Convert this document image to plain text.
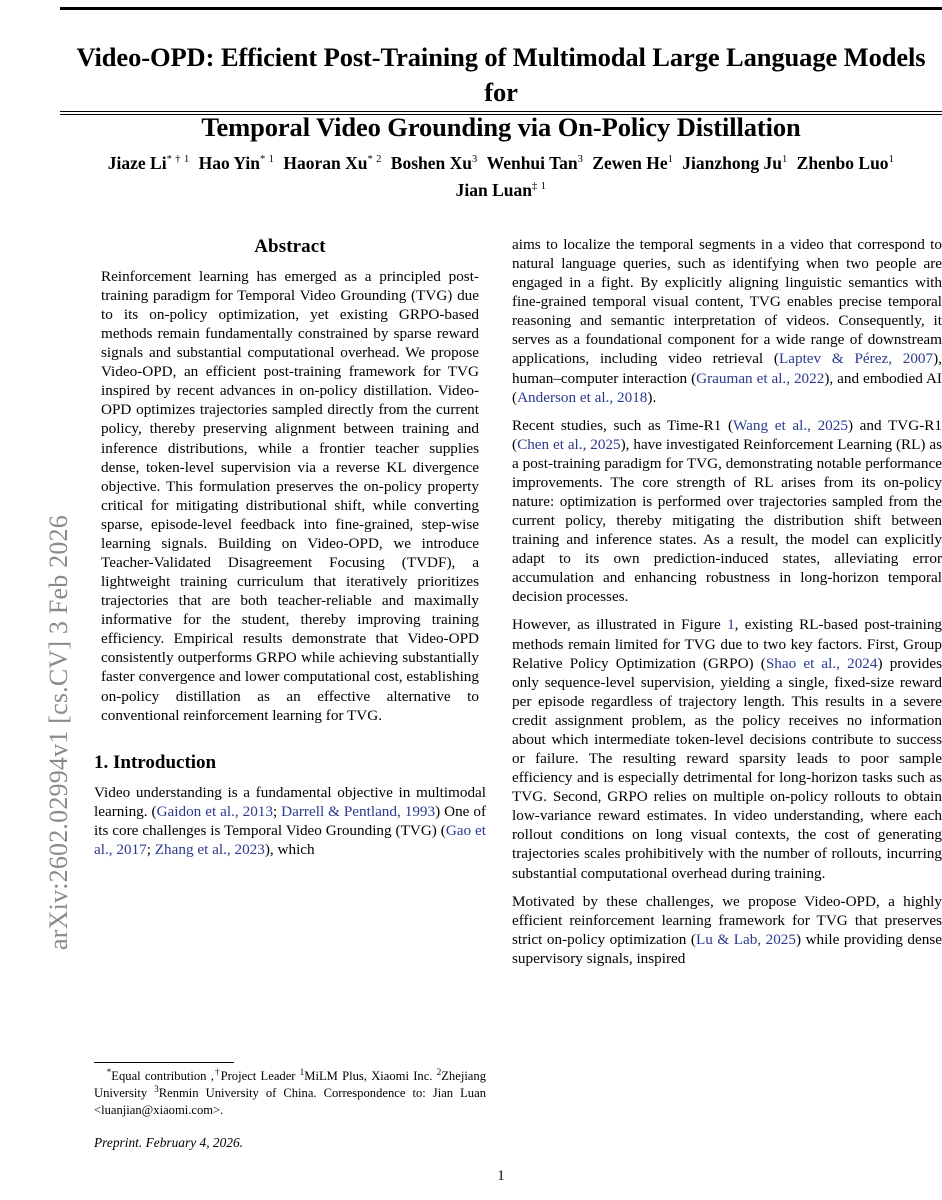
arXiv:2602.02994v1 [cs.CV] 3 Feb 2026
Video-OPD: Efficient Post-Training of Multimodal Large Language Models for
Temporal Video Grounding via On-Policy Distillation
Jiaze $Li^{* \dagger 1}$ Hao Yin$^{* 1}$ Haoran Xu$^{* 2}$ Boshen Xu$^3$ Wenhui Tan$^3$ Zewen He$^1$ Jianzhong Ju$^1$ Zhenbo Luo$^1$
Jian Luan$^{\ddagger 1}$
Abstract

Reinforcement learning has emerged as a principled post-training paradigm for Temporal Video Grounding (TVG) due to its on-policy optimization, yet existing GRPO-based methods remain fundamentally constrained by sparse reward signals and substantial computational overhead. We propose Video-OPD, an efficient post-training framework for TVG inspired by recent advances in on-policy distillation. Video-OPD optimizes trajectories sampled directly from the current policy, thereby preserving alignment between training and inference distributions, while a frontier teacher supplies dense, token-level supervision via a reverse KL divergence objective. This formulation preserves the on-policy property critical for mitigating distributional shift, while converting sparse, episode-level feedback into fine-grained, step-wise learning signals. Building on Video-OPD, we introduce Teacher-Validated Disagreement Focusing (TVDF), a lightweight training curriculum that iteratively prioritizes trajectories that are both teacher-reliable and maximally informative for the student, thereby improving training efficiency. Empirical results demonstrate that Video-OPD consistently outperforms GRPO while achieving substantially faster convergence and lower computational cost, establishing on-policy distillation as an effective alternative to conventional reinforcement learning for TVG.

1. Introduction

Video understanding is a fundamental objective in multimodal learning. (Gaidon et al., 2013; Darrell & Pentland, 1993) One of its core challenges is Temporal Video Grounding (TVG) (Gao et al., 2017; Zhang et al., 2023), which

aims to localize the temporal segments in a video that correspond to natural language queries, such as identifying when two people are engaged in a fight. By explicitly aligning linguistic semantics with fine-grained temporal visual content, TVG enables precise temporal reasoning and semantic interpretation of videos. Consequently, it serves as a foundational component for a wide range of downstream applications, including video retrieval (Laptev & Pérez, 2007), human–computer interaction (Grauman et al., 2022), and embodied AI (Anderson et al., 2018).

Recent studies, such as Time-R1 (Wang et al., 2025) and TVG-R1 (Chen et al., 2025), have investigated Reinforcement Learning (RL) as a post-training paradigm for TVG, demonstrating notable performance improvements. The core strength of RL arises from its on-policy nature: optimization is performed over trajectories sampled from the current policy, thereby mitigating the distribution shift between training and inference states. As a result, the model can explicitly adapt to its own prediction-induced states, alleviating error accumulation and enhancing robustness in long-horizon temporal decision processes.

However, as illustrated in Figure 1, existing RL-based post-training methods remain limited for TVG due to two key factors. First, Group Relative Policy Optimization (GRPO) (Shao et al., 2024) provides only sequence-level supervision, yielding a single, fixed-size reward per episode regardless of trajectory length. This results in a severe credit assignment problem, as the policy receives no information about which intermediate token-level decisions contribute to success or failure. The resulting reward sparsity leads to poor sample efficiency and is especially detrimental for long-horizon tasks such as TVG. Second, GRPO relies on multiple on-policy rollouts to obtain low-variance reward estimates. In video understanding, where each rollout conditions on long visual contexts, the cost of generating trajectories scales prohibitively with the number of rollouts, incurring substantial computational overhead during training.

Motivated by these challenges, we propose Video-OPD, a highly efficient reinforcement learning framework for TVG that preserves strict on-policy optimization (Lu & Lab, 2025) while providing dense supervisory signals, inspired

*Equal contribution ,†Project Leader $^1$MiLM Plus, Xiaomi Inc. $^2$Zhejiang University $^3$Renmin University of China. Correspondence to: Jian Luan <luanjian@xiaomi.com>.

Preprint. February 4, 2026.
1
